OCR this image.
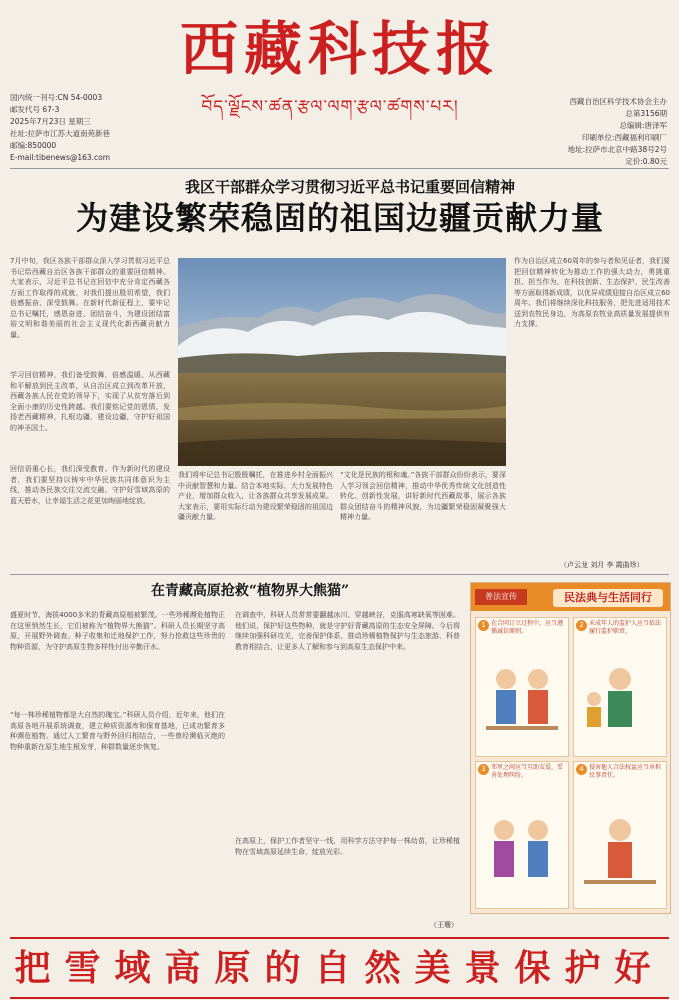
西藏科技报
བོད་ལྗོངས་ཚན་རྩལ་ལག་རྩལ་ཚགས་པར།
国内统一刊号:CN 54-0003
邮发代号 67-3
2025年7月23日 星期三
社址:拉萨市江苏大道南苑新巷
邮编:850000
E-mail:tibenews@163.com
西藏自治区科学技术协会主办
总第3156期
总编辑:唐泽军
印刷单位:西藏福利印刷厂
地址:拉萨市北京中路38号2号
定价:0.80元
我区干部群众学习贯彻习近平总书记重要回信精神
为建设繁荣稳固的祖国边疆贡献力量
7月中旬，我区各族干部群众深入学习贯彻习近平总书记给西藏自治区各族干部群众的重要回信精神。大家表示，习近平总书记在回信中充分肯定西藏各方面工作取得的成就，对我们提出殷切希望，我们倍感振奋、深受鼓舞。在新时代新征程上，要牢记总书记嘱托，感恩奋进、团结奋斗，为建设团结富裕文明和谐美丽的社会主义现代化新西藏贡献力量。
学习回信精神，我们备受鼓舞，倍感温暖。从西藏和平解放到民主改革，从自治区成立到改革开放，西藏各族人民在党的领导下，实现了从贫穷落后到全面小康的历史性跨越。我们要铭记党的恩情，发扬老西藏精神，扎根边疆、建设边疆，守护好祖国的神圣国土。
回信语重心长，我们深受教育。作为新时代的建设者，我们要坚持以铸牢中华民族共同体意识为主线，推动各民族交往交流交融，守护好雪域高原的蓝天碧水，让幸福生活之花更加绚丽地绽放。
我们将牢记总书记殷殷嘱托，在推进乡村全面振兴中贡献智慧和力量。结合本地实际，大力发展特色产业，增加群众收入，让各族群众共享发展成果。大家表示，要用实际行动为建设繁荣稳固的祖国边疆贡献力量。
“文化是民族的根和魂。”各族干部群众纷纷表示，要深入学习领会回信精神，推动中华优秀传统文化创造性转化、创新性发展，讲好新时代西藏故事，展示各族群众团结奋斗的精神风貌，为边疆繁荣稳固凝聚强大精神力量。
作为自治区成立60周年的参与者和见证者，我们要把回信精神转化为推动工作的强大动力，勇挑重担、担当作为，在科技创新、生态保护、民生改善等方面取得新成绩，以优异成绩迎接自治区成立60周年。我们将继续深化科技服务，把先进适用技术送到农牧民身边，为高原农牧业高质量发展提供有力支撑。
（卢云龙 刘月 李 霞曲珍）
在青藏高原抢救“植物界大熊猫”
盛夏时节，海拔4000多米的青藏高原植被繁茂。一些珍稀濒危植物正在这里悄然生长，它们被称为“植物界大熊猫”。科研人员长期坚守高原，开展野外调查、种子收集和迁地保护工作，努力抢救这些珍贵的物种资源，为守护高原生物多样性付出辛勤汗水。
“每一株珍稀植物都是大自然的瑰宝。”科研人员介绍，近年来，他们在高原各地开展系统调查，建立种质资源库和保育基地，已成功繁育多种濒危植物。通过人工繁育与野外回归相结合，一些曾经濒临灭绝的物种重新在原生地生根发芽，种群数量逐步恢复。
在调查中，科研人员常常要翻越冰川、穿越峡谷，克服高寒缺氧等困难。他们说，保护好这些物种，就是守护好青藏高原的生态安全屏障。今后将继续加强科研攻关，完善保护体系，推动珍稀植物保护与生态旅游、科普教育相结合，让更多人了解和参与到高原生态保护中来。
在高原上，保护工作者坚守一线，用科学方法守护每一株幼苗，让珍稀植物在雪域高原延续生命，绽放光彩。
（王珊）
普法宣传	民法典与生活同行
1 在合同订立过程中，应当遵循诚信原则。
2 未成年人的监护人应当依法履行监护职责。
3 邻里之间应当互助友爱，妥善处理纠纷。
4 侵害他人合法权益应当承担民事责任。
把雪域高原的自然美景保护好
